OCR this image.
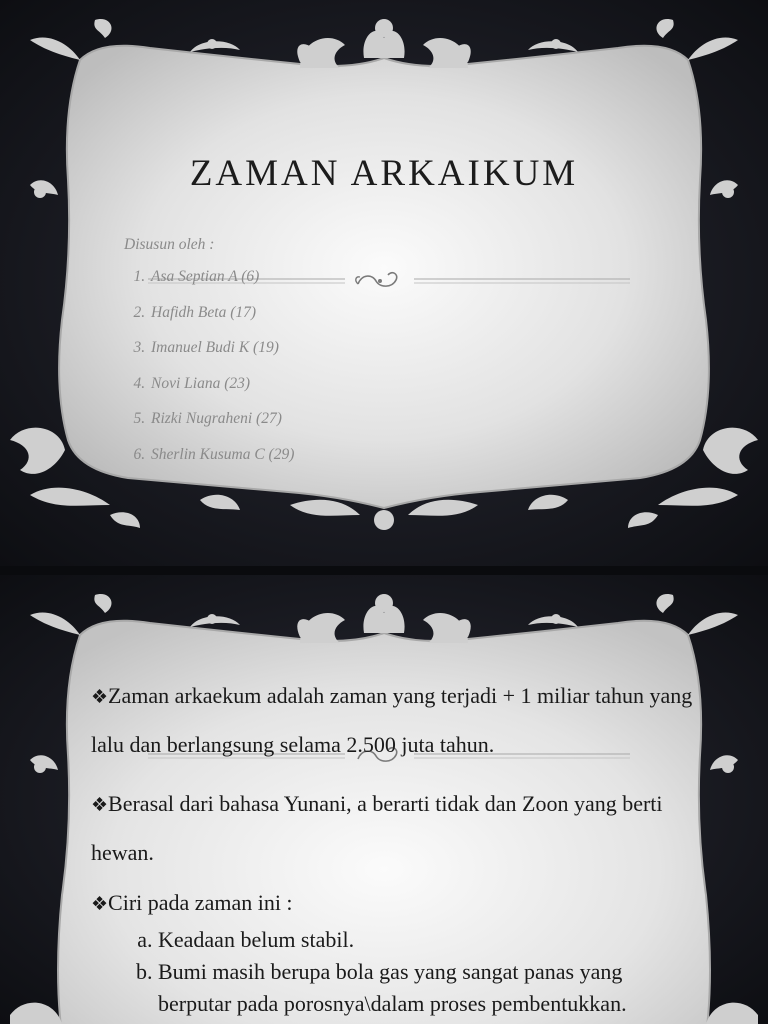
ZAMAN ARKAIKUM
Disusun oleh :
1. Asa Septian A (6)
2. Hafidh Beta (17)
3. Imanuel Budi K (19)
4. Novi Liana (23)
5. Rizki Nugraheni (27)
6. Sherlin Kusuma C (29)
❖Zaman arkaekum adalah zaman yang terjadi + 1 miliar tahun yang lalu dan berlangsung selama 2.500 juta tahun.
❖Berasal dari bahasa Yunani, a berarti tidak dan Zoon yang berti hewan.
❖Ciri pada zaman ini :
a. Keadaan belum stabil.
b. Bumi masih berupa bola gas yang sangat panas yang berputar pada porosnya\dalam proses pembentukkan.
